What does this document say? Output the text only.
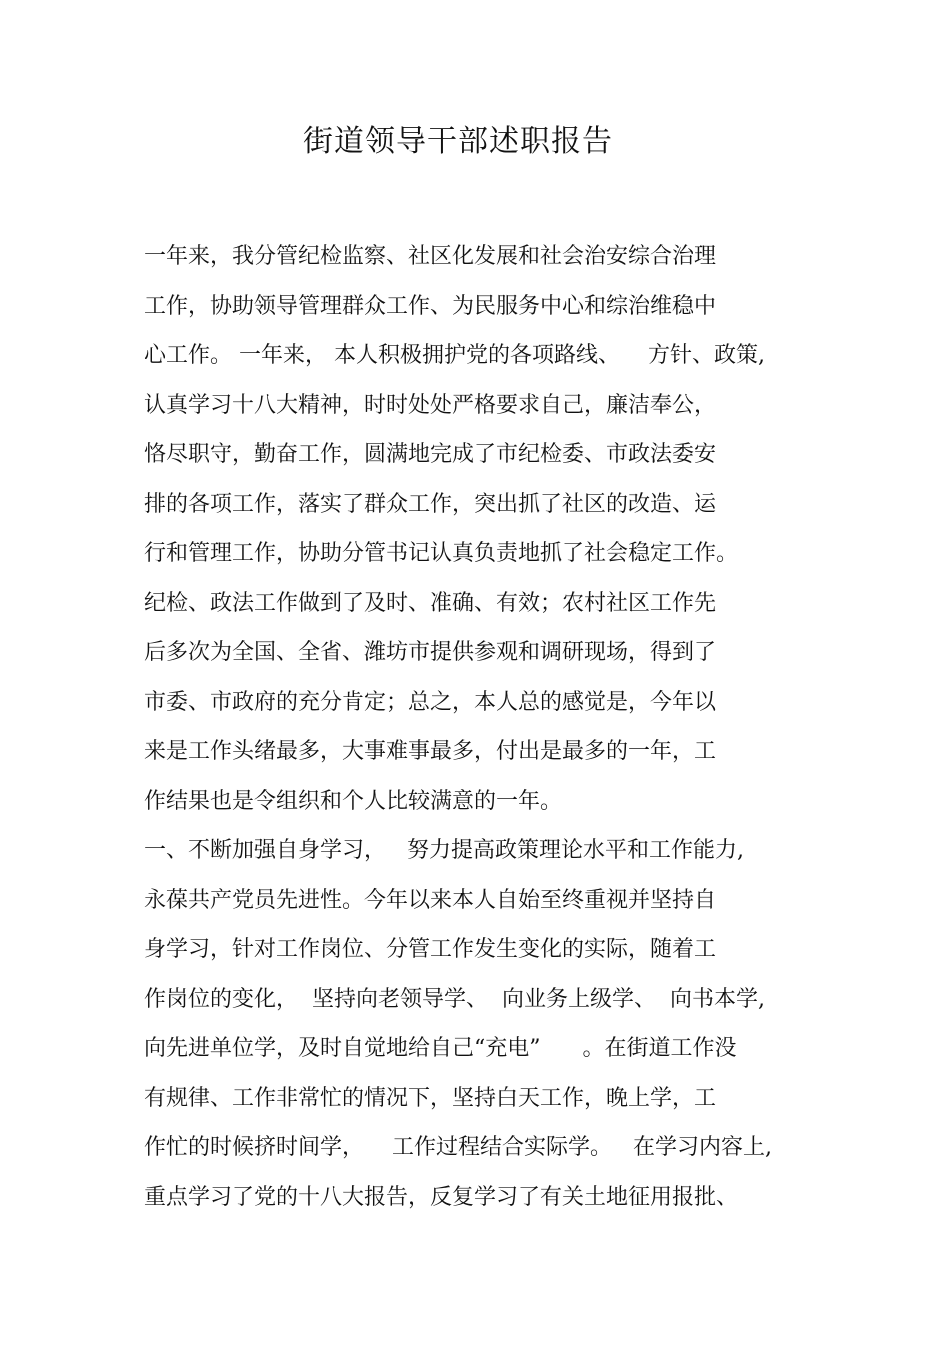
街道领导干部述职报告
一年来，我分管纪检监察、社区化发展和社会治安综合治理
工作，协助领导管理群众工作、为民服务中心和综治维稳中
心工作。 一年来， 本人积极拥护党的各项路线、    方针、政策,
认真学习十八大精神，时时处处严格要求自己，廉洁奉公，
恪尽职守，勤奋工作，圆满地完成了市纪检委、市政法委安
排的各项工作，落实了群众工作，突出抓了社区的改造、运
行和管理工作，协助分管书记认真负责地抓了社会稳定工作。
纪检、政法工作做到了及时、准确、有效；农村社区工作先
后多次为全国、全省、潍坊市提供参观和调研现场，得到了
市委、市政府的充分肯定；总之，本人总的感觉是，今年以
来是工作头绪最多，大事难事最多，付出是最多的一年，工
作结果也是令组织和个人比较满意的一年。
一、不断加强自身学习，   努力提高政策理论水平和工作能力,
永葆共产党员先进性。今年以来本人自始至终重视并坚持自
身学习，针对工作岗位、分管工作发生变化的实际，随着工
作岗位的变化，  坚持向老领导学、  向业务上级学、  向书本学,
向先进单位学，及时自觉地给自己“充电”      。在街道工作没
有规律、工作非常忙的情况下，坚持白天工作，晚上学，工
作忙的时候挤时间学，    工作过程结合实际学。   在学习内容上,
重点学习了党的十八大报告，反复学习了有关土地征用报批、
